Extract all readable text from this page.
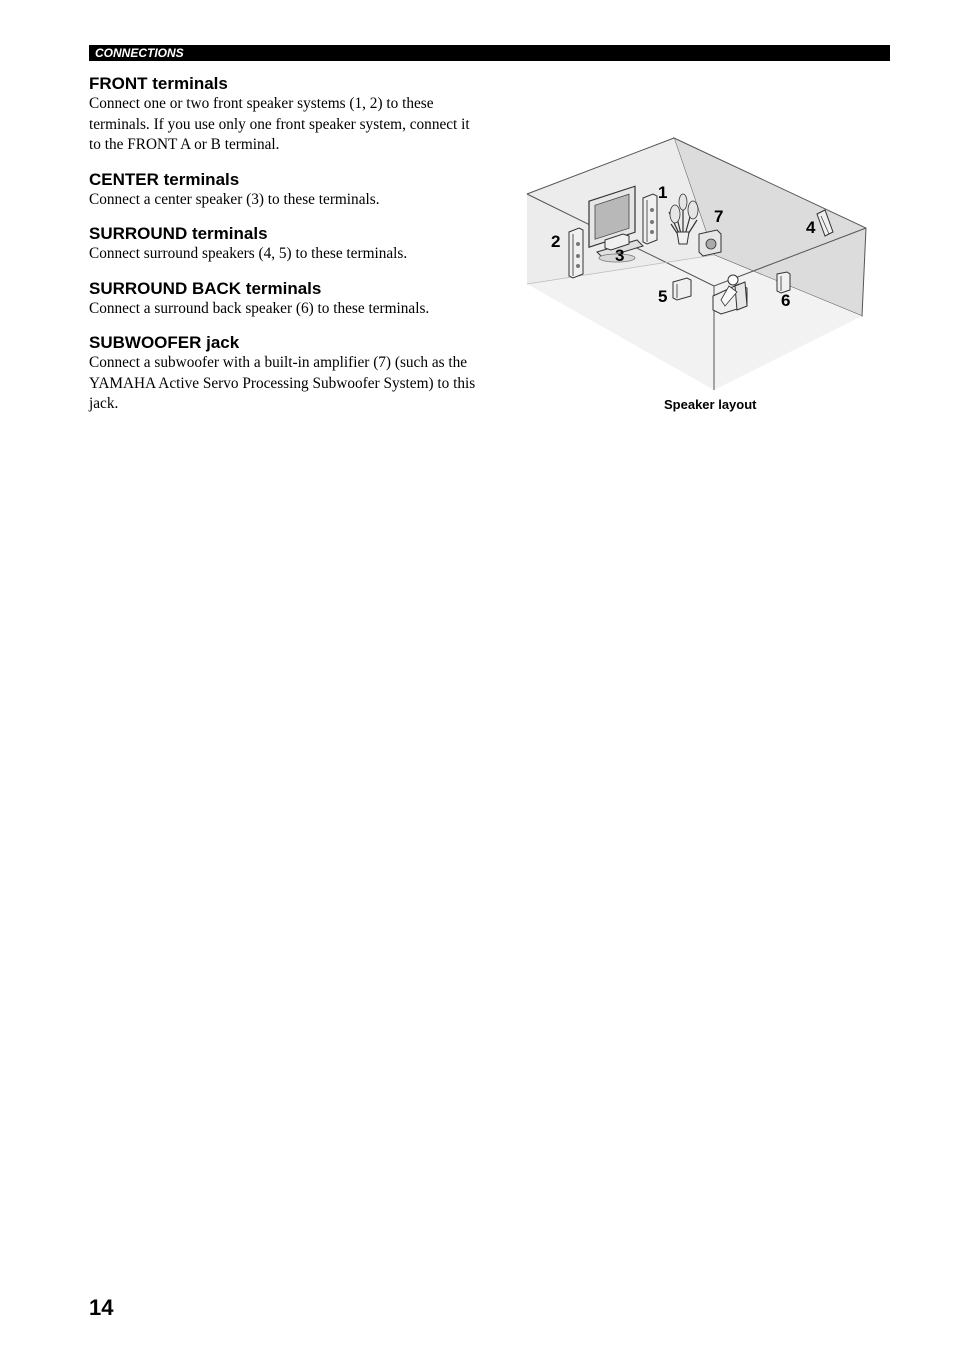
CONNECTIONS
FRONT terminals

Connect one or two front speaker systems (1, 2) to these terminals. If you use only one front speaker system, connect it to the FRONT A or B terminal.

CENTER terminals

Connect a center speaker (3) to these terminals.

SURROUND terminals

Connect surround speakers (4, 5) to these terminals.

SURROUND BACK terminals

Connect a surround back speaker (6) to these terminals.

SUBWOOFER jack

Connect a subwoofer with a built-in amplifier (7) (such as the YAMAHA Active Servo Processing Subwoofer System) to this jack.

1
2
3
4
5	6
7
Speaker layout
14
